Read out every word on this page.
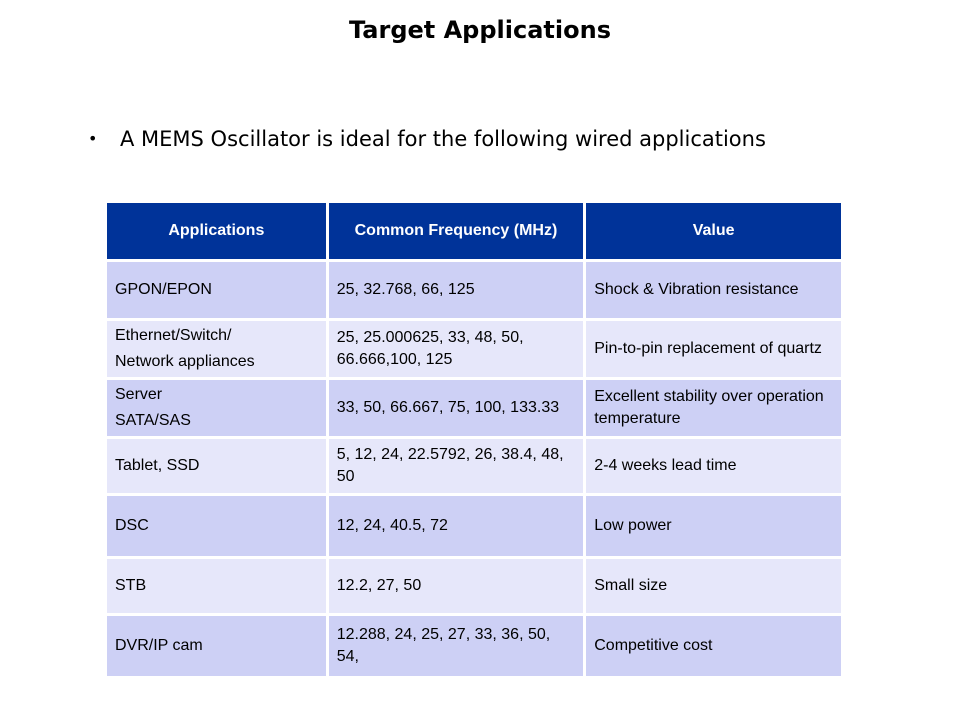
Target Applications
• A MEMS Oscillator is ideal for the following wired applications
Applications	Common Frequency (MHz)	Value
GPON/EPON	25, 32.768, 66, 125	Shock & Vibration resistance

Ethernet/Switch/
Network appliances	25, 25.000625, 33, 48, 50, 66.666,100, 125	Pin-to-pin replacement of quartz

Server
SATA/SAS	33, 50, 66.667, 75, 100, 133.33	Excellent stability over operation temperature
Tablet, SSD	5, 12, 24, 22.5792, 26, 38.4, 48, 50	2-4 weeks lead time
DSC	12, 24, 40.5, 72	Low power
STB	12.2, 27, 50	Small size
DVR/IP cam	12.288, 24, 25, 27, 33, 36, 50, 54,	Competitive cost
